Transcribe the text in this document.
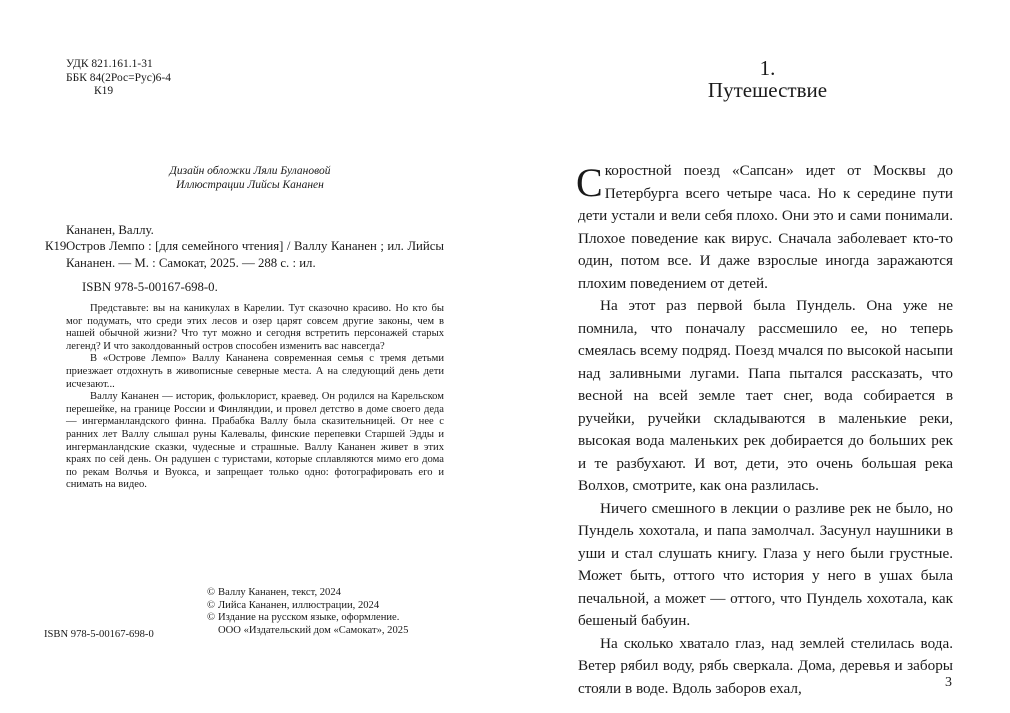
УДК 821.161.1-31
ББК 84(2Рос=Рус)6-4
К19
Дизайн обложки Ляли Булановой
Иллюстрации Лийсы Кананен
Кананен, Валлу.
К19 Остров Лемпо : [для семейного чтения] / Валлу Кананен ; ил. Лийсы Кананен. — М. : Самокат, 2025. — 288 с. : ил.
ISBN 978-5-00167-698-0.

Представьте: вы на каникулах в Карелии. Тут сказочно красиво. Но кто бы мог подумать, что среди этих лесов и озер царят совсем другие законы, чем в нашей обычной жизни? Что тут можно и сегодня встретить персонажей старых легенд? И что заколдованный остров способен изменить вас навсегда?

В «Острове Лемпо» Валлу Кананена современная семья с тремя детьми приезжает отдохнуть в живописные северные места. А на следующий день дети исчезают...

Валлу Кананен — историк, фольклорист, краевед. Он родился на Карельском перешейке, на границе России и Финляндии, и провел детство в доме своего деда — ингерманландского финна. Прабабка Валлу была сказительницей. От нее с ранних лет Валлу слышал руны Калевалы, финские перепевки Старшей Эдды и ингерманландские сказки, чудесные и страшные. Валлу Кананен живет в этих краях по сей день. Он радушен с туристами, которые сплавляются мимо его дома по рекам Волчья и Вуокса, и запрещает только одно: фотографировать его и снимать на видео.

© Валлу Кананен, текст, 2024
© Лийса Кананен, иллюстрации, 2024
© Издание на русском языке, оформление.
ООО «Издательский дом «Самокат», 2025
ISBN 978-5-00167-698-0
1.
Путешествие

Скоростной поезд «Сапсан» идет от Москвы до Петербурга всего четыре часа. Но к середине пути дети устали и вели себя плохо. Они это и сами понимали. Плохое поведение как вирус. Сначала заболевает кто-то один, потом все. И даже взрослые иногда заражаются плохим поведением от детей.

На этот раз первой была Пундель. Она уже не помнила, что поначалу рассмешило ее, но теперь смеялась всему подряд. Поезд мчался по высокой насыпи над заливными лугами. Папа пытался рассказать, что весной на всей земле тает снег, вода собирается в ручейки, ручейки складываются в маленькие реки, высокая вода маленьких рек добирается до больших рек и те разбухают. И вот, дети, это очень большая река Волхов, смотрите, как она разлилась.

Ничего смешного в лекции о разливе рек не было, но Пундель хохотала, и папа замолчал. Засунул наушники в уши и стал слушать книгу. Глаза у него были грустные. Может быть, оттого что история у него в ушах была печальной, а может — оттого, что Пундель хохотала, как бешеный бабуин.

На сколько хватало глаз, над землей стелилась вода. Ветер рябил воду, рябь сверкала. Дома, деревья и заборы стояли в воде. Вдоль заборов ехал,	3
